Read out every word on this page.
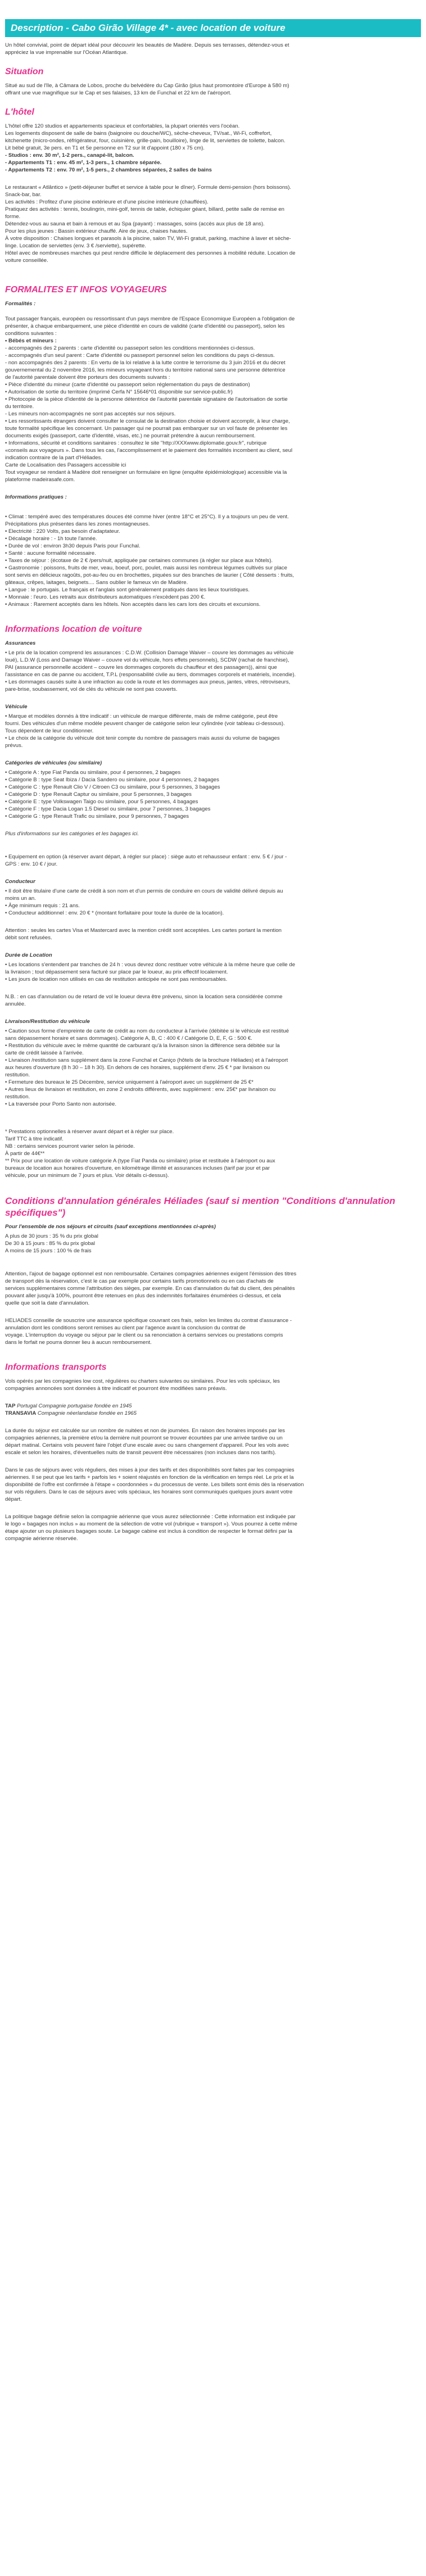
Description - Cabo Girão Village 4* - avec location de voiture
Un hôtel convivial, point de départ idéal pour découvrir les beautés de Madère. Depuis ses terrasses, détendez-vous et
appréciez la vue imprenable sur l'Océan Atlantique.
Situation
Situé au sud de l'île, à Câmara de Lobos, proche du belvédère du Cap Girão (plus haut promontoire d'Europe à 580 m)
offrant une vue magnifique sur le Cap et ses falaises, 13 km de Funchal et 22 km de l'aéroport.
L'hôtel
L'hôtel offre 120 studios et appartements spacieux et confortables, la plupart orientés vers l'océan.
Les logements disposent de salle de bains (baignoire ou douche/WC), sèche-cheveux, TV/sat., Wi-Fi, coffrefort,
kitchenette (micro-ondes, réfrigérateur, four, cuisinière, grille-pain, bouilloire), linge de lit, serviettes de toilette, balcon.
Lit bébé gratuit, 3e pers. en T1 et 5e personne en T2 sur lit d'appoint (180 x 75 cm).
- Studios : env. 30 m², 1-2 pers., canapé-lit, balcon.
- Appartements T1 : env. 45 m², 1-3 pers., 1 chambre séparée.
- Appartements T2 : env. 70 m², 1-5 pers., 2 chambres séparées, 2 salles de bains
Le restaurant « Atlântico » (petit-déjeuner buffet et service à table pour le dîner). Formule demi-pension (hors boissons).
Snack-bar, bar.
Les activités : Profitez d'une piscine extérieure et d'une piscine intérieure (chauffées).
Pratiquez des activités : tennis, boulingrin, mini-golf, tennis de table, échiquier géant, billard, petite salle de remise en
forme.
Détendez-vous au sauna et bain à remous et au Spa (payant) : massages, soins (accès aux plus de 18 ans).
Pour les plus jeunes : Bassin extérieur chauffé. Aire de jeux, chaises hautes.
À votre disposition : Chaises longues et parasols à la piscine, salon TV, Wi-Fi gratuit, parking, machine à laver et sèche-
linge. Location de serviettes (env. 3 € /serviette), supérette.
Hôtel avec de nombreuses marches qui peut rendre difficile le déplacement des personnes à mobilité réduite. Location de
voiture conseillée.
FORMALITES ET INFOS VOYAGEURS
Formalités :
Tout passager français, européen ou ressortissant d'un pays membre de l'Espace Economique Européen a l'obligation de
présenter, à chaque embarquement, une pièce d'identité en cours de validité (carte d'identité ou passeport), selon les
conditions suivantes :
• Bébés et mineurs :
- accompagnés des 2 parents : carte d'identité ou passeport selon les conditions mentionnées ci-dessus.
- accompagnés d'un seul parent : Carte d'identité ou passeport personnel selon les conditions du pays ci-dessus.
- non accompagnés des 2 parents : En vertu de la loi relative à la lutte contre le terrorisme du 3 juin 2016 et du décret
gouvernemental du 2 novembre 2016, les mineurs voyageant hors du territoire national sans une personne détentrice
de l'autorité parentale doivent être porteurs des documents suivants :
• Pièce d'identité du mineur (carte d'identité ou passeport selon réglementation du pays de destination)
• Autorisation de sortie du territoire (imprimé Cerfa N° 15646*01 disponible sur service-public.fr)
• Photocopie de la pièce d'identité de la personne détentrice de l'autorité parentale signataire de l'autorisation de sortie
du territoire.
- Les mineurs non-accompagnés ne sont pas acceptés sur nos séjours.
• Les ressortissants étrangers doivent consulter le consulat de la destination choisie et doivent accomplir, à leur charge,
toute formalité spécifique les concernant. Un passager qui ne pourrait pas embarquer sur un vol faute de présenter les
documents exigés (passeport, carte d'identité, visas, etc.) ne pourrait prétendre à aucun remboursement.
• Informations, sécurité et conditions sanitaires : consultez le site "http://XXXwww.diplomatie.gouv.fr", rubrique
«conseils aux voyageurs ». Dans tous les cas, l'accomplissement et le paiement des formalités incombent au client, seul
indication contraire de la part d'Héliades.
Carte de Localisation des Passagers accessible ici
Tout voyageur se rendant à Madère doit renseigner un formulaire en ligne (enquête épidémiologique) accessible via la
plateforme madeirasafe.com.
Informations pratiques :
• Climat : tempéré avec des températures douces été comme hiver (entre 18°C et 25°C). Il y a toujours un peu de vent.
Précipitations plus présentes dans les zones montagneuses.
• Electricité : 220 Volts, pas besoin d'adaptateur.
• Décalage horaire : - 1h toute l'année.
• Durée de vol : environ 3h30 depuis Paris pour Funchal.
• Santé : aucune formalité nécessaire.
• Taxes de séjour : (écotaxe de 2 € /pers/nuit, appliquée par certaines communes (à régler sur place aux hôtels).
• Gastronomie : poissons, fruits de mer, veau, boeuf, porc, poulet, mais aussi les nombreux légumes cultivés sur place
sont servis en délicieux ragoûts, pot-au-feu ou en brochettes, piquées sur des branches de laurier ( Côté desserts : fruits,
gâteaux, crêpes, laitages, beignets.... Sans oublier le fameux vin de Madère.
• Langue : le portugais. Le français et l'anglais sont généralement pratiqués dans les lieux touristiques.
• Monnaie : l'euro. Les retraits aux distributeurs automatiques n'excèdent pas 200 €.
• Animaux : Rarement acceptés dans les hôtels. Non acceptés dans les cars lors des circuits et excursions.
Informations location de voiture
Assurances
• Le prix de la location comprend les assurances : C.D.W. (Collision Damage Waiver – couvre les dommages au véhicule
loué), L.D.W (Loss and Damage Waiver – couvre vol du véhicule, hors effets personnels), SCDW (rachat de franchise),
PAI (assurance personnelle accident – couvre les dommages corporels du chauffeur et des passagers)), ainsi que
l'assistance en cas de panne ou accident, T.P.L (responsabilité civile au tiers, dommages corporels et matériels, incendie).
• Les dommages causés suite à une infraction au code la route et les dommages aux pneus, jantes, vitres, rétroviseurs,
pare-brise, soubassement, vol de clés du véhicule ne sont pas couverts.
Véhicule
• Marque et modèles donnés à titre indicatif : un véhicule de marque différente, mais de même catégorie, peut être
fourni. Des véhicules d'un même modèle peuvent changer de catégorie selon leur cylindrée (voir tableau ci-dessous).
Tous dépendent de leur conditionner.
• Le choix de la catégorie du véhicule doit tenir compte du nombre de passagers mais aussi du volume de bagages
prévus.
Catégories de véhicules (ou similaire)
• Catégorie A : type Fiat Panda ou similaire, pour 4 personnes, 2 bagages
• Catégorie B : type Seat Ibiza / Dacia Sandero ou similaire, pour 4 personnes, 2 bagages
• Catégorie C : type Renault Clio V / Citroen C3 ou similaire, pour 5 personnes, 3 bagages
• Catégorie D : type Renault Captur ou similaire, pour 5 personnes, 3 bagages
• Catégorie E : type Volkswagen Taigo ou similaire, pour 5 personnes, 4 bagages
• Catégorie F : type Dacia Logan 1.5 Diesel ou similaire, pour 7 personnes, 3 bagages
• Catégorie G : type Renault Trafic ou similaire, pour 9 personnes, 7 bagages
Plus d'informations sur les catégories et les bagages ici.
• Equipement en option (à réserver avant départ, à régler sur place) : siège auto et rehausseur enfant : env. 5 € / jour -
GPS : env. 10 € / jour.
Conducteur
• Il doit être titulaire d'une carte de crédit à son nom et d'un permis de conduire en cours de validité délivré depuis au
moins un an.
• Âge minimum requis : 21 ans.
• Conducteur additionnel : env. 20 € * (montant forfaitaire pour toute la durée de la location).
Attention : seules les cartes Visa et Mastercard avec la mention crédit sont acceptées. Les cartes portant la mention
débit sont refusées.
Durée de Location
• Les locations s'entendent par tranches de 24 h : vous devrez donc restituer votre véhicule à la même heure que celle de
la livraison ; tout dépassement sera facturé sur place par le loueur, au prix effectif localement.
• Les jours de location non utilisés en cas de restitution anticipée ne sont pas remboursables.
N.B. : en cas d'annulation ou de retard de vol le loueur devra être prévenu, sinon la location sera considérée comme
annulée.
Livraison/Restitution du véhicule
• Caution sous forme d'empreinte de carte de crédit au nom du conducteur à l'arrivée (débitée si le véhicule est restitué
sans dépassement horaire et sans dommages). Catégorie A, B, C : 400 € / Catégorie D, E, F, G : 500 €.
• Restitution du véhicule avec le même quantité de carburant qu'à la livraison sinon la différence sera débitée sur la
carte de crédit laissée à l'arrivée.
• Livraison /restitution sans supplément dans la zone Funchal et Caniço (hôtels de la brochure Héliades) et à l'aéroport
aux heures d'ouverture (8 h 30 – 18 h 30). En dehors de ces horaires, supplément d'env. 25 € * par livraison ou
restitution.
• Fermeture des bureaux le 25 Décembre, service uniquement à l'aéroport avec un supplément de 25 €*
• Autres lieux de livraison et restitution, en zone 2 endroits différents, avec supplément : env. 25€* par livraison ou
restitution.
• La traversée pour Porto Santo non autorisée.
* Prestations optionnelles à réserver avant départ et à régler sur place.
Tarif TTC à titre indicatif.
NB : certains services pourront varier selon la période.
À partir de 44€**
** Prix pour une location de voiture catégorie A (type Fiat Panda ou similaire) prise et restituée à l'aéroport ou aux
bureaux de location aux horaires d'ouverture, en kilométrage illimité et assurances incluses (tarif par jour et par
véhicule, pour un minimum de 7 jours et plus. Voir détails ci-dessus).
Conditions d'annulation générales Héliades (sauf si mention "Conditions d'annulation spécifiques")
Pour l'ensemble de nos séjours et circuits (sauf exceptions mentionnées ci-après)
A plus de 30 jours : 35 % du prix global
De 30 à 15 jours : 85 % du prix global
A moins de 15 jours : 100 % de frais
Attention, l'ajout de bagage optionnel est non remboursable. Certaines compagnies aériennes exigent l'émission des titres
de transport dès la réservation, c'est le cas par exemple pour certains tarifs promotionnels ou en cas d'achats de
services supplémentaires comme l'attribution des sièges, par exemple. En cas d'annulation du fait du client, des pénalités
pouvant aller jusqu'à 100%, pourront être retenues en plus des indemnités forfaitaires énumérées ci-dessus, et cela
quelle que soit la date d'annulation.
HELIADES conseille de souscrire une assurance spécifique couvrant ces frais, selon les limites du contrat d'assurance -
annulation dont les conditions seront remises au client par l'agence avant la conclusion du contrat de
voyage. L'interruption du voyage ou séjour par le client ou sa renonciation à certains services ou prestations compris
dans le forfait ne pourra donner lieu à aucun remboursement.
Informations transports
Vols opérés par les compagnies low cost, régulières ou charters suivantes ou similaires. Pour les vols spéciaux, les
compagnies annoncées sont données à titre indicatif et pourront être modifiées sans préavis.
TAP Portugal Compagnie portugaise fondée en 1945
TRANSAVIA Compagnie néerlandaise fondée en 1965
La durée du séjour est calculée sur un nombre de nuitées et non de journées. En raison des horaires imposés par les
compagnies aériennes, la première et/ou la dernière nuit pourront se trouver écourtées par une arrivée tardive ou un
départ matinal. Certains vols peuvent faire l'objet d'une escale avec ou sans changement d'appareil. Pour les vols avec
escale et selon les horaires, d'éventuelles nuits de transit peuvent être nécessaires (non incluses dans nos tarifs).
Dans le cas de séjours avec vols réguliers, des mises à jour des tarifs et des disponibilités sont faites par les compagnies
aériennes. Il se peut que les tarifs + parfois les + soient réajustés en fonction de la vérification en temps réel. Le prix et la
disponibilité de l'offre est confirmée à l'étape « coordonnées » du processus de vente. Les billets sont émis dès la réservation
sur vols réguliers. Dans le cas de séjours avec vols spéciaux, les horaires sont communiqués quelques jours avant votre
départ.
La politique bagage définie selon la compagnie aérienne que vous aurez sélectionnée : Cette information est indiquée par
le logo « bagages non inclus » au moment de la sélection de votre vol (rubrique « transport »). Vous pourrez à cette même
étape ajouter un ou plusieurs bagages soute. Le bagage cabine est inclus à condition de respecter le format défini par la
compagnie aérienne réservée.
